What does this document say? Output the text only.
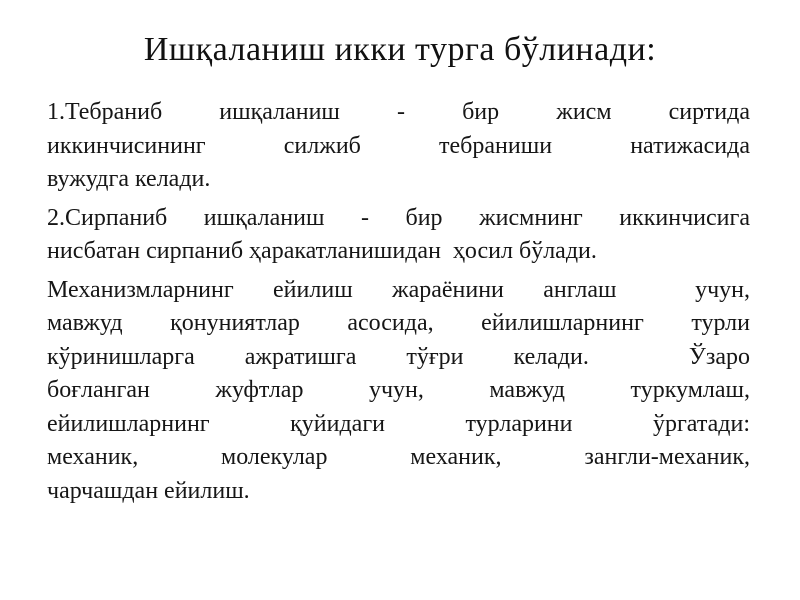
Ишқаланиш икки турга бўлинади:
1.Тебраниб ишқаланиш - бир жисм сиртида
иккинчисининг силжиб тебраниши натижасида
вужудга келади.
2.Сирпаниб ишқаланиш - бир жисмнинг иккинчисига
нисбатан сирпаниб ҳаракатланишидан  ҳосил бўлади.
Механизмларнинг ейилиш жараёнини англаш  учун,
мавжуд қонуниятлар асосида, ейилишларнинг турли
кўринишларга ажратишга тўғри келади.  Ўзаро
боғланган жуфтлар учун, мавжуд туркумлаш,
ейилишларнинг қуйидаги турларини ўргатади:
механик, молекулар механик, зангли-механик,
чарчашдан ейилиш.
